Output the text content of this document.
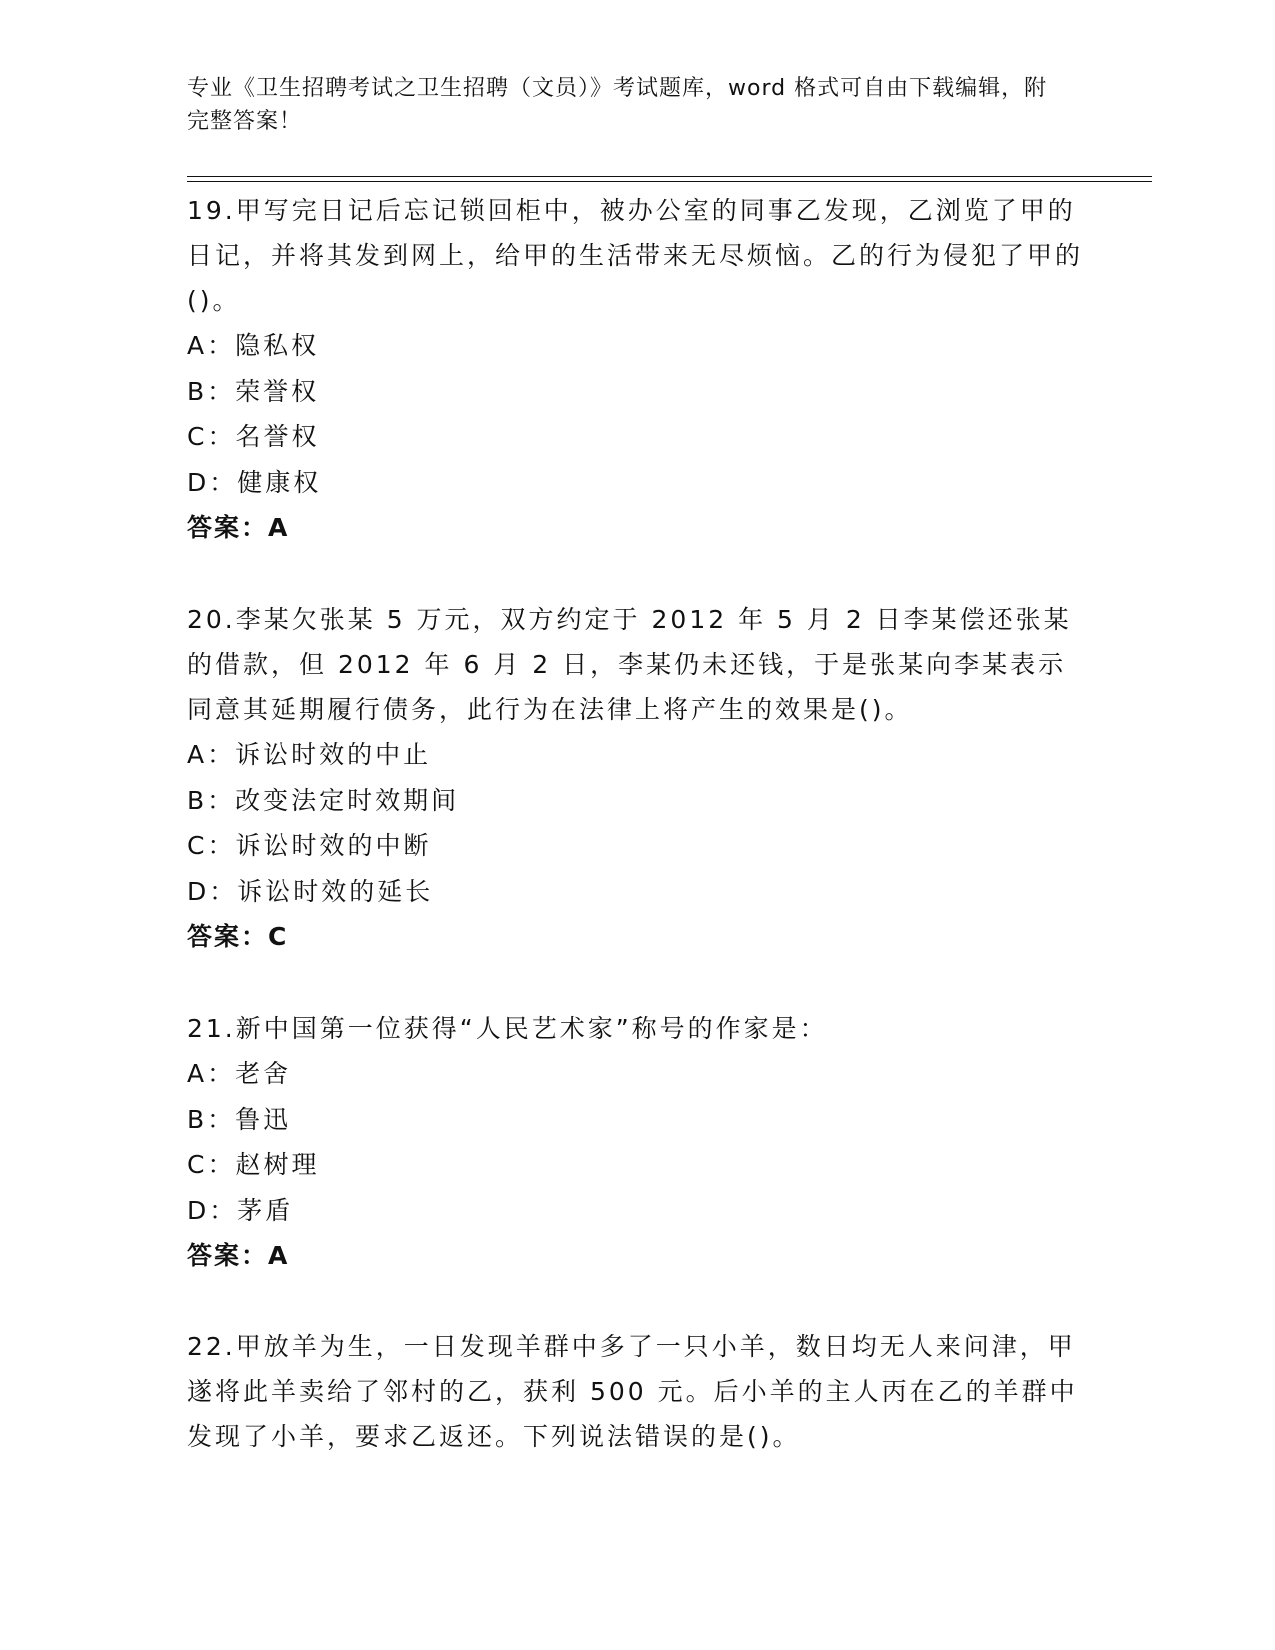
专业《卫生招聘考试之卫生招聘（文员）》考试题库，word 格式可自由下载编辑，附完整答案！

19.甲写完日记后忘记锁回柜中，被办公室的同事乙发现，乙浏览了甲的日记，并将其发到网上，给甲的生活带来无尽烦恼。乙的行为侵犯了甲的()。

A：隐私权

B：荣誉权

C：名誉权

D：健康权

答案：A

20.李某欠张某 5 万元，双方约定于 2012 年 5 月 2 日李某偿还张某的借款，但 2012 年 6 月 2 日，李某仍未还钱，于是张某向李某表示同意其延期履行债务，此行为在法律上将产生的效果是()。

A：诉讼时效的中止

B：改变法定时效期间

C：诉讼时效的中断

D：诉讼时效的延长

答案：C

21.新中国第一位获得“人民艺术家”称号的作家是：

A：老舍

B：鲁迅

C：赵树理

D：茅盾

答案：A

22.甲放羊为生，一日发现羊群中多了一只小羊，数日均无人来问津，甲遂将此羊卖给了邻村的乙，获利 500 元。后小羊的主人丙在乙的羊群中发现了小羊，要求乙返还。下列说法错误的是()。
